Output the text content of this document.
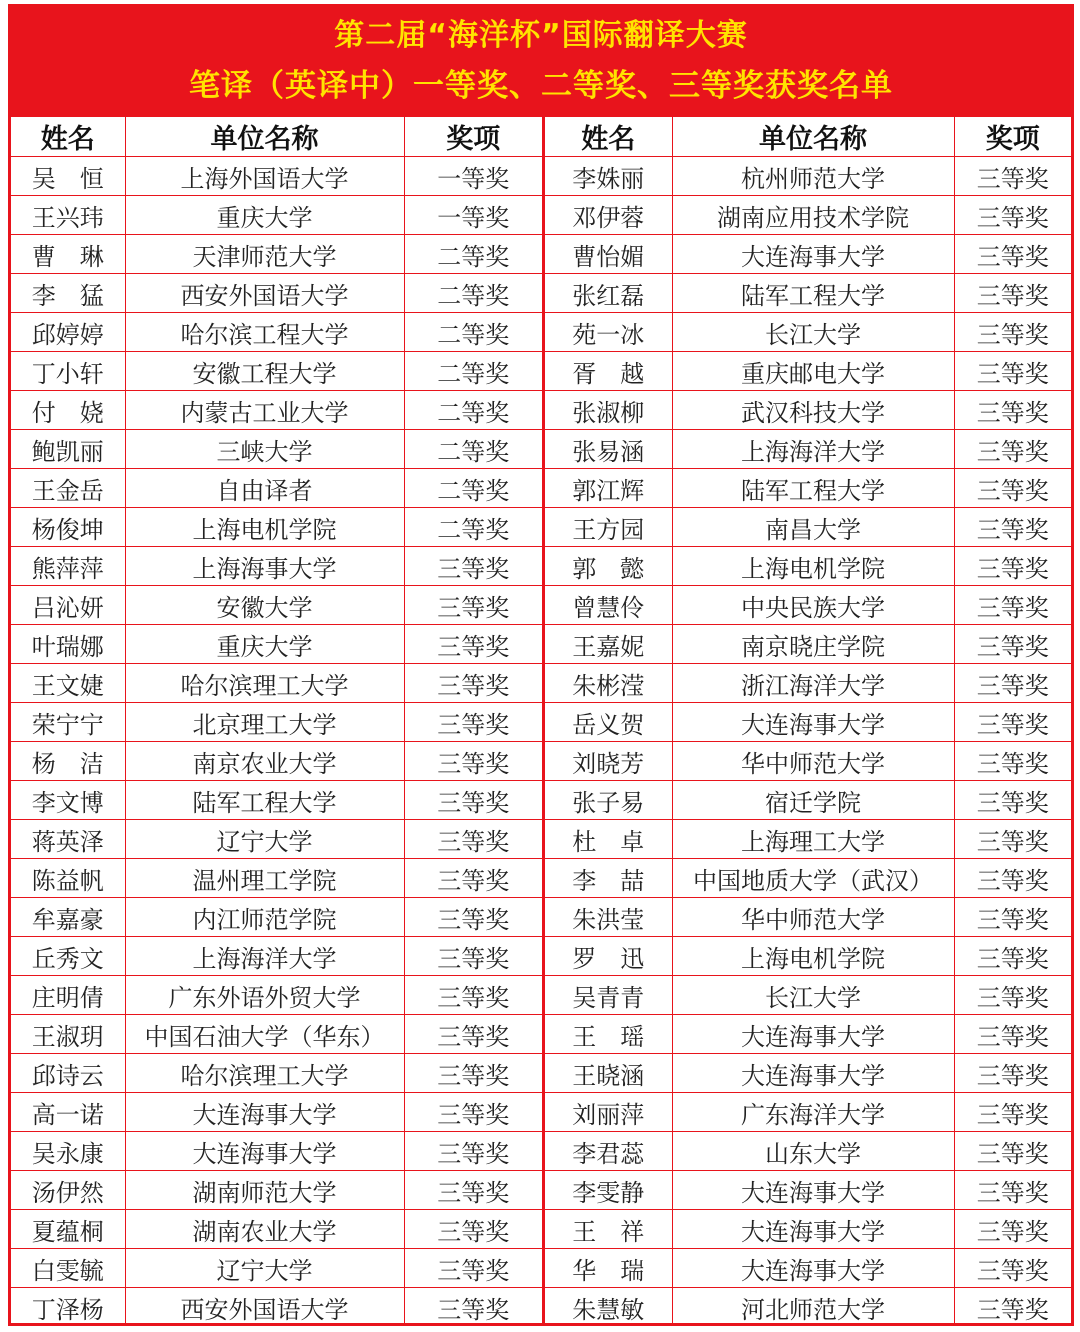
第二届“海洋杯”国际翻译大赛
笔译（英译中）一等奖、二等奖、三等奖获奖名单
姓名	单位名称	奖项
吴　恒	上海外国语大学	一等奖
王兴玮	重庆大学	一等奖
曹　琳	天津师范大学	二等奖
李　猛	西安外国语大学	二等奖
邱婷婷	哈尔滨工程大学	二等奖
丁小轩	安徽工程大学	二等奖
付　娆	内蒙古工业大学	二等奖
鲍凯丽	三峡大学	二等奖
王金岳	自由译者	二等奖
杨俊坤	上海电机学院	二等奖
熊萍萍	上海海事大学	三等奖
吕沁妍	安徽大学	三等奖
叶瑞娜	重庆大学	三等奖
王文婕	哈尔滨理工大学	三等奖
荣宁宁	北京理工大学	三等奖
杨　洁	南京农业大学	三等奖
李文博	陆军工程大学	三等奖
蒋英泽	辽宁大学	三等奖
陈益帆	温州理工学院	三等奖
牟嘉豪	内江师范学院	三等奖
丘秀文	上海海洋大学	三等奖
庄明倩	广东外语外贸大学	三等奖
王淑玥	中国石油大学（华东）	三等奖
邱诗云	哈尔滨理工大学	三等奖
高一诺	大连海事大学	三等奖
吴永康	大连海事大学	三等奖
汤伊然	湖南师范大学	三等奖
夏蕴桐	湖南农业大学	三等奖
白雯毓	辽宁大学	三等奖
丁泽杨	西安外国语大学	三等奖
姓名	单位名称	奖项
李姝丽	杭州师范大学	三等奖
邓伊蓉	湖南应用技术学院	三等奖
曹怡媚	大连海事大学	三等奖
张红磊	陆军工程大学	三等奖
苑一冰	长江大学	三等奖
胥　越	重庆邮电大学	三等奖
张淑柳	武汉科技大学	三等奖
张易涵	上海海洋大学	三等奖
郭江辉	陆军工程大学	三等奖
王方园	南昌大学	三等奖
郭　懿	上海电机学院	三等奖
曾慧伶	中央民族大学	三等奖
王嘉妮	南京晓庄学院	三等奖
朱彬滢	浙江海洋大学	三等奖
岳义贺	大连海事大学	三等奖
刘晓芳	华中师范大学	三等奖
张子易	宿迁学院	三等奖
杜　卓	上海理工大学	三等奖
李　喆	中国地质大学（武汉）	三等奖
朱洪莹	华中师范大学	三等奖
罗　迅	上海电机学院	三等奖
吴青青	长江大学	三等奖
王　瑶	大连海事大学	三等奖
王晓涵	大连海事大学	三等奖
刘丽萍	广东海洋大学	三等奖
李君蕊	山东大学	三等奖
李雯静	大连海事大学	三等奖
王　祥	大连海事大学	三等奖
华　瑞	大连海事大学	三等奖
朱慧敏	河北师范大学	三等奖
